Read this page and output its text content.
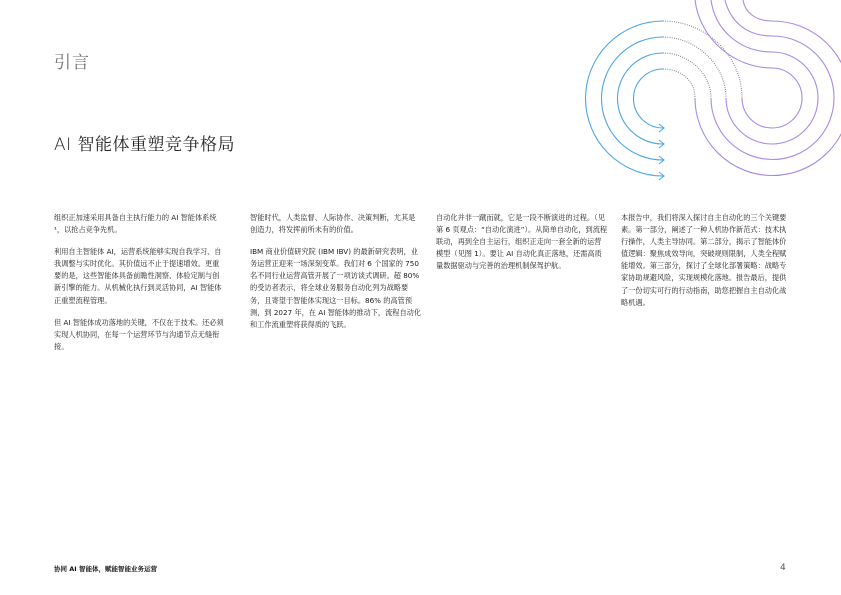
引言
AI 智能体重塑竞争格局

组织正加速采用具备自主执行能力的 AI 智能体系统¹，以抢占竞争先机。

利用自主智能体 AI，运营系统能够实现自我学习、自我调整与实时优化。其价值远不止于提速增效。更重要的是，这些智能体具备前瞻性洞察、体验定制与创新引擎的能力。从机械化执行到灵活协同，AI 智能体正重塑流程管理。

但 AI 智能体成功落地的关键，不仅在于技术。还必须实现人机协同，在每一个运营环节与沟通节点无缝衔接。

智能时代，人类监督、人际协作、决策判断，尤其是创造力，将发挥前所未有的价值。

IBM 商业价值研究院 (IBM IBV) 的最新研究表明，业务运营正迎来一场深刻变革。我们对 6 个国家的 750 名不同行业运营高管开展了一项访谈式调研。超 80% 的受访者表示，将全球业务服务自动化列为战略要务，且寄望于智能体实现这一目标。86% 的高管预测，到 2027 年，在 AI 智能体的推动下，流程自动化和工作流重塑将获得质的飞跃。

自动化并非一蹴而就，它是一段不断演进的过程。（见第 6 页观点：“自动化演进”）。从简单自动化，到流程联动，再到全自主运行，组织正走向一套全新的运营模型（见图 1）。要让 AI 自动化真正落地，还需高质量数据驱动与完善的治理机制保驾护航。

本报告中，我们将深入探讨自主自动化的三个关键要素。第一部分，阐述了一种人机协作新范式：技术执行操作，人类主导协同。第二部分，揭示了智能体价值逻辑：聚焦成效导向，突破规则限制，人类全程赋能增效。第三部分，探讨了全球化部署策略：战略专家协助规避风险，实现规模化落地。报告最后，提供了一份切实可行的行动指南，助您把握自主自动化战略机遇。

协同 AI 智能体，赋能智能业务运营	4
